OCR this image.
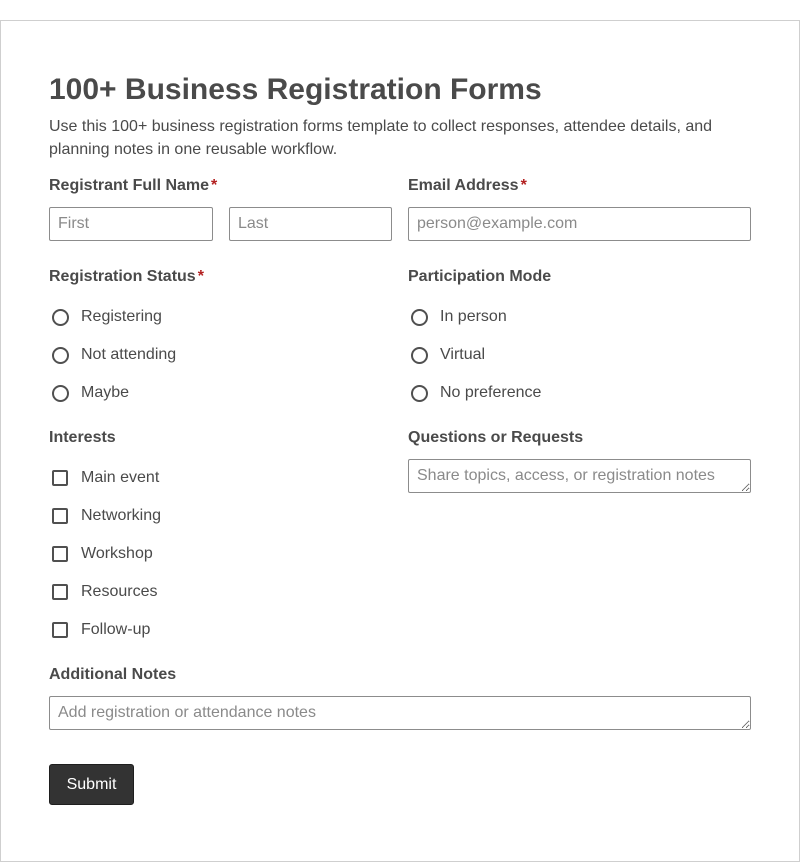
100+ Business Registration Forms

Use this 100+ business registration forms template to collect responses, attendee details, and planning notes in one reusable workflow.

Registrant Full Name *
First
Last	Email Address *
person@example.com
Registration Status *
Registering
Not attending
Maybe
Participation Mode
In person
Virtual
No preference
Interests
Main event
Networking
Workshop
Resources
Follow-up
Questions or Requests
Share topics, access, or registration notes
Additional Notes
Add registration or attendance notes
Submit
